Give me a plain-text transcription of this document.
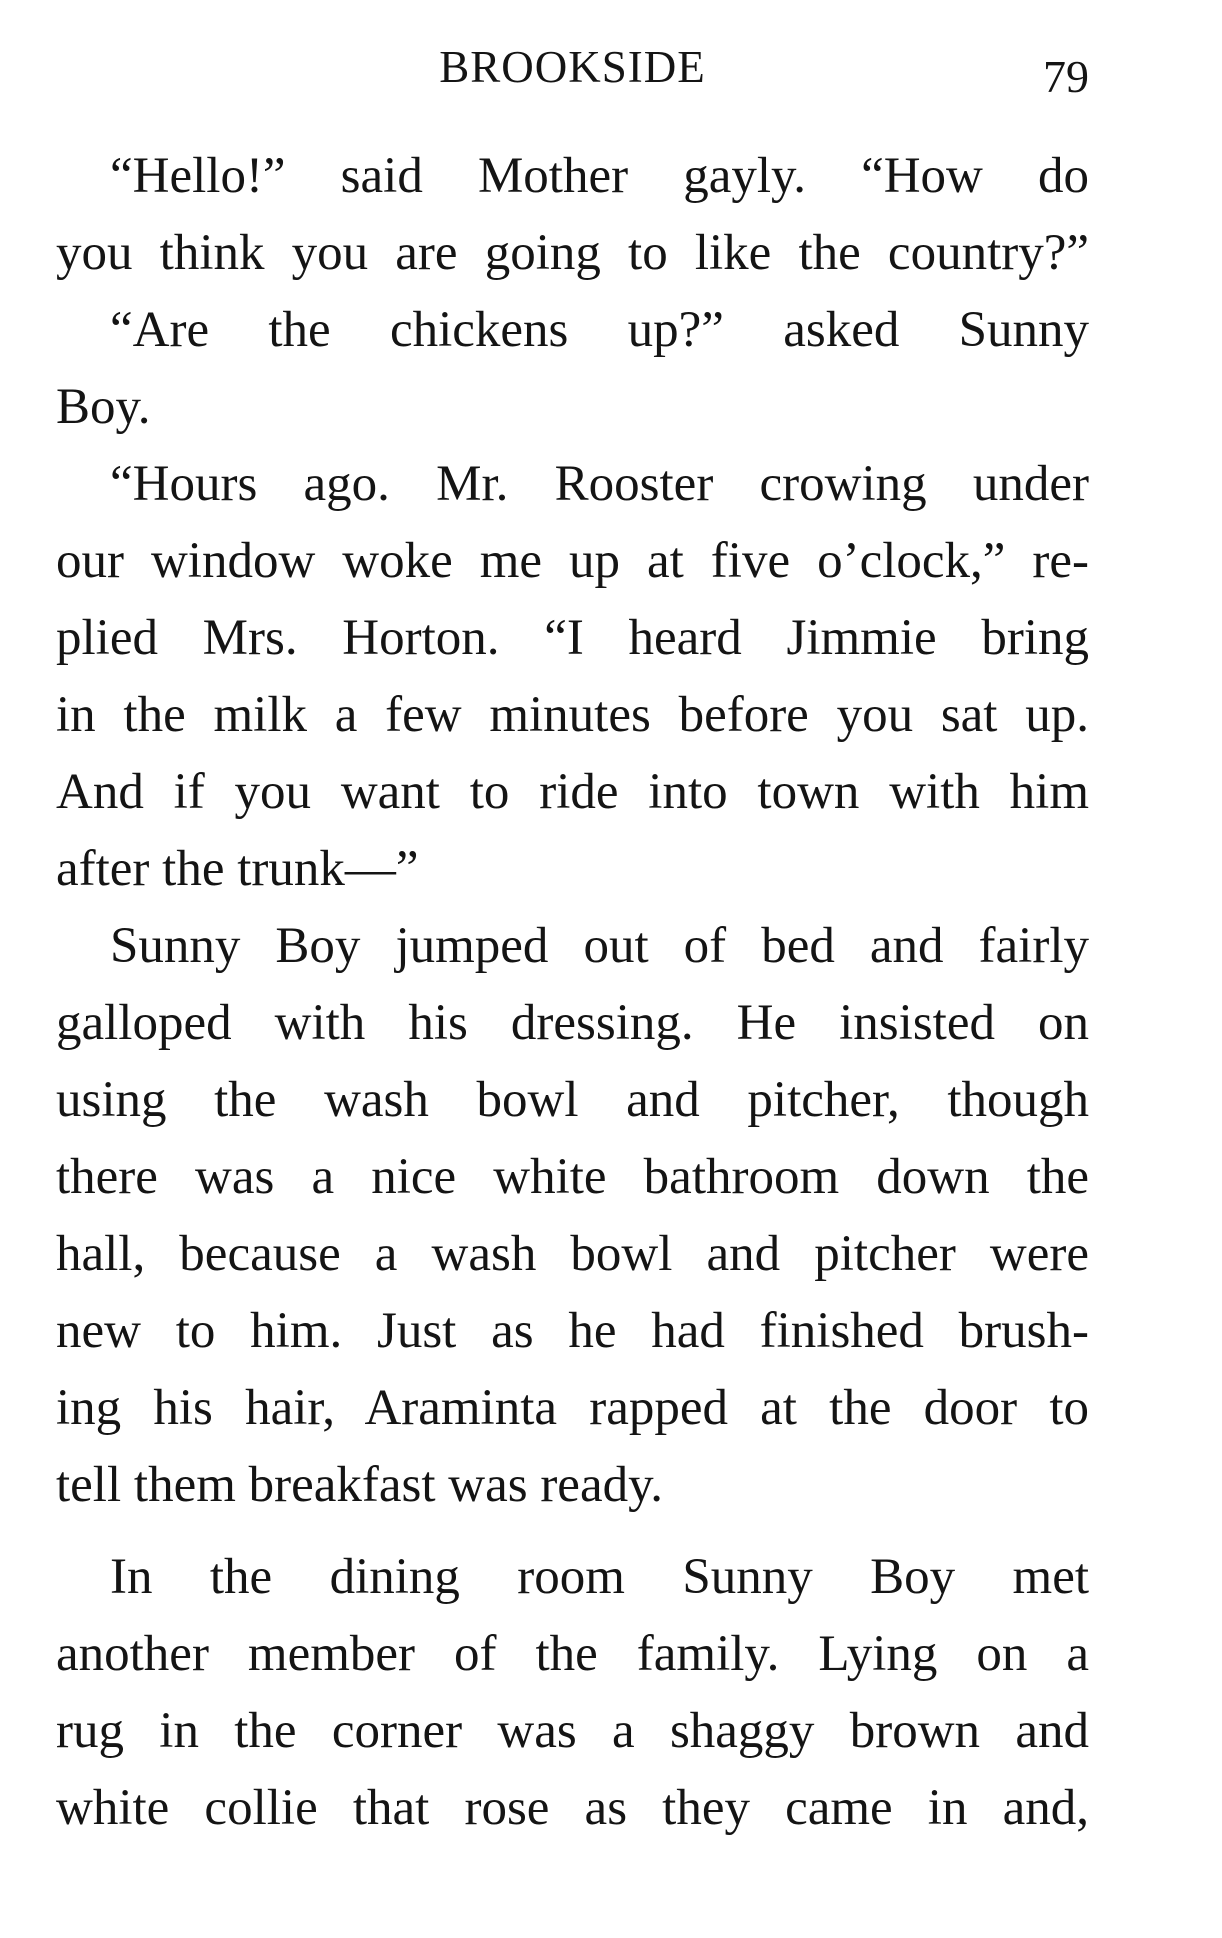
BROOKSIDE	79
“Hello!” said Mother gayly. “How do
you think you are going to like the country?”
“Are the chickens up?” asked Sunny
Boy.
“Hours ago. Mr. Rooster crowing under
our window woke me up at five o’clock,” re-
plied Mrs. Horton. “I heard Jimmie bring
in the milk a few minutes before you sat up.
And if you want to ride into town with him
after the trunk—”
Sunny Boy jumped out of bed and fairly
galloped with his dressing. He insisted on
using the wash bowl and pitcher, though
there was a nice white bathroom down the
hall, because a wash bowl and pitcher were
new to him. Just as he had finished brush-
ing his hair, Araminta rapped at the door to
tell them breakfast was ready.
In the dining room Sunny Boy met
another member of the family. Lying on a
rug in the corner was a shaggy brown and
white collie that rose as they came in and,
